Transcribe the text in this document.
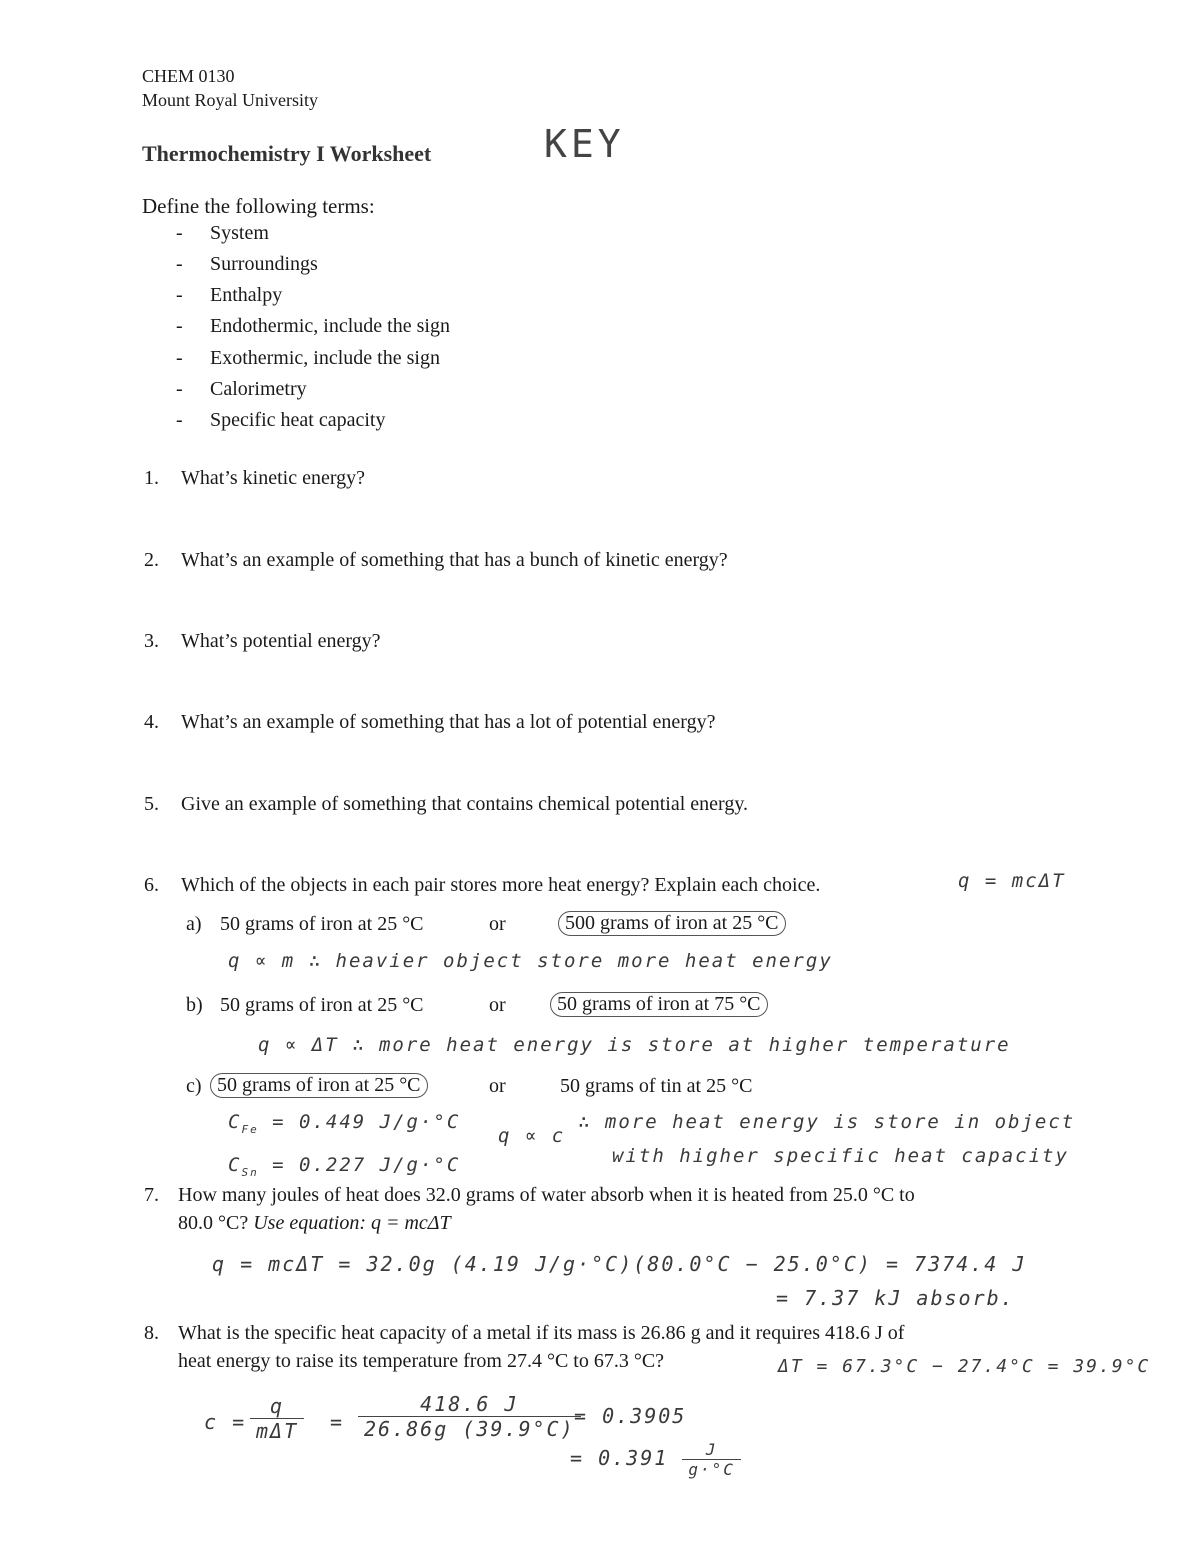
CHEM 0130
Mount Royal University
Thermochemistry I Worksheet	KEY
Define the following terms:
- System
- Surroundings
- Enthalpy
- Endothermic, include the sign
- Exothermic, include the sign
- Calorimetry
- Specific heat capacity
1. What’s kinetic energy?
2. What’s an example of something that has a bunch of kinetic energy?
3. What’s potential energy?
4. What’s an example of something that has a lot of potential energy?
5. Give an example of something that contains chemical potential energy.
6. Which of the objects in each pair stores more heat energy? Explain each choice.	q = mcΔT
a) 50 grams of iron at 25 °C	or	500 grams of iron at 25 °C
q ∝ m ∴ heavier object store more heat energy
b) 50 grams of iron at 25 °C	or	50 grams of iron at 75 °C
q ∝ ΔT ∴ more heat energy is store at higher temperature
c) 50 grams of iron at 25 °C	or	50 grams of tin at 25 °C
$C_{Fe} = 0.449$ J/g·°C
$C_{Sn} = 0.227$ J/g·°C
q ∝ c
∴ more heat energy is store in object
with higher specific heat capacity
7. How many joules of heat does 32.0 grams of water absorb when it is heated from 25.0 °C to
80.0 °C? Use equation: q = mcΔT
q = mcΔT = 32.0g (4.19 J/g·°C)(80.0°C − 25.0°C) = 7374.4 J
= 7.37 kJ absorb.
8. What is the specific heat capacity of a metal if its mass is 26.86 g and it requires 418.6 J of
heat energy to raise its temperature from 27.4 °C to 67.3 °C?	ΔT = 67.3°C − 27.4°C = 39.9°C
$c = \frac{q}{\text{mΔT}} = \frac{418.6 J}{26.86g (39.9^\circ C)}$
= 0.3905
= $0.391 \frac{J}{g\cdot^\circ C}$
